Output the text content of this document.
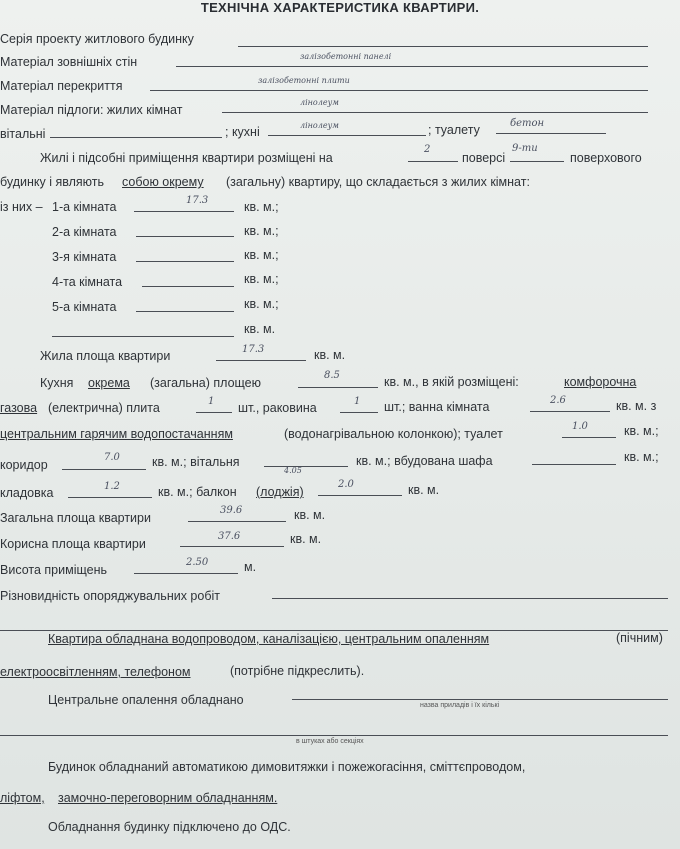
ТЕХНІЧНА ХАРАКТЕРИСТИКА КВАРТИРИ.
Серія проекту житлового будинку
Матеріал зовнішніх стін	залізобетонні панелі
Матеріал перекриття	залізобетонні плити
Матеріал підлоги: жилих кімнат
лінолеум
вітальні	; кухні	лінолеум	; туалету	бетон
Жилі і підсобні приміщення квартири розміщені на
2
поверсі
9-ти
поверхового
будинку і являють собою окрему (загальну) квартиру, що складається з жилих кімнат:
із них – 1-а кімната	17.3	кв. м.;
2-а кімната	кв. м.;
3-я кімната	кв. м.;
4-та кімната	кв. м.;
5-а кімната	кв. м.;
кв. м.
Жила площа квартири	17.3	кв. м.
Кухня окрема (загальна) площею
8.5	кв. м., в якій розміщені:	комфорочна
газова (електрична) плита	1 шт., раковина	1 шт.; ванна кімната	2.6	кв. м. з
центральним гарячим водопостачанням	(водонагрівальною колонкою); туалет
1.0	кв. м.;
коридор
7.0	кв. м.; вітальня
4.05
кв. м.; вбудована шафа	кв. м.;
кладовка	1.2	кв. м.; балкон (лоджія)
2.0	кв. м.
Загальна площа квартири
39.6	кв. м.
Корисна площа квартири
37.6	кв. м.
Висота приміщень
2.50	м.
Різновидність опоряджувальних робіт
Квартира обладнана водопроводом, каналізацією, центральним опаленням	(пічним)
електроосвітленням, телефоном	(потрібне підкреслить).
Центральне опалення обладнано	назва приладів і їх кількі
в штуках або секціях
Будинок обладнаний автоматикою димовитяжки і пожежогасіння, сміттєпроводом,
ліфтом, замочно-переговорним обладнанням.
Обладнання будинку підключено до ОДС.
